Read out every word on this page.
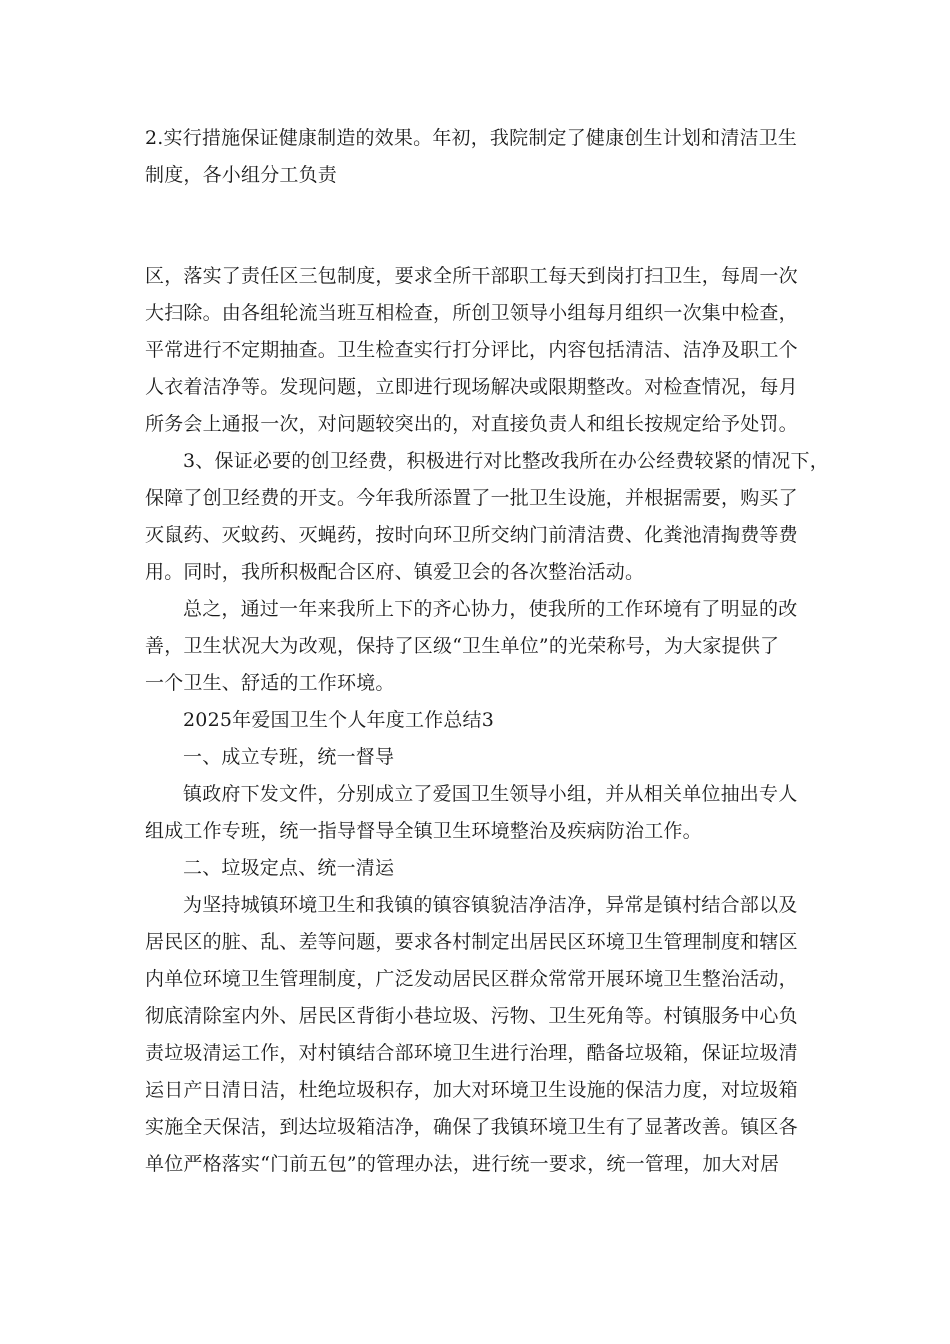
2.实行措施保证健康制造的效果。年初，我院制定了健康创生计划和清洁卫生
制度，各小组分工负责
区，落实了责任区三包制度，要求全所干部职工每天到岗打扫卫生，每周一次
大扫除。由各组轮流当班互相检查，所创卫领导小组每月组织一次集中检查，
平常进行不定期抽查。卫生检查实行打分评比，内容包括清洁、洁净及职工个
人衣着洁净等。发现问题，立即进行现场解决或限期整改。对检查情况，每月
所务会上通报一次，对问题较突出的，对直接负责人和组长按规定给予处罚。
3、保证必要的创卫经费，积极进行对比整改我所在办公经费较紧的情况下，
保障了创卫经费的开支。今年我所添置了一批卫生设施，并根据需要，购买了
灭鼠药、灭蚊药、灭蝇药，按时向环卫所交纳门前清洁费、化粪池清掏费等费
用。同时，我所积极配合区府、镇爱卫会的各次整治活动。
总之，通过一年来我所上下的齐心协力，使我所的工作环境有了明显的改
善，卫生状况大为改观，保持了区级“卫生单位”的光荣称号，为大家提供了
一个卫生、舒适的工作环境。
2025年爱国卫生个人年度工作总结3
一、成立专班，统一督导
镇政府下发文件，分别成立了爱国卫生领导小组，并从相关单位抽出专人
组成工作专班，统一指导督导全镇卫生环境整治及疾病防治工作。
二、垃圾定点、统一清运
为坚持城镇环境卫生和我镇的镇容镇貌洁净洁净，异常是镇村结合部以及
居民区的脏、乱、差等问题，要求各村制定出居民区环境卫生管理制度和辖区
内单位环境卫生管理制度，广泛发动居民区群众常常开展环境卫生整治活动，
彻底清除室内外、居民区背街小巷垃圾、污物、卫生死角等。村镇服务中心负
责垃圾清运工作，对村镇结合部环境卫生进行治理，酷备垃圾箱，保证垃圾清
运日产日清日洁，杜绝垃圾积存，加大对环境卫生设施的保洁力度，对垃圾箱
实施全天保洁，到达垃圾箱洁净，确保了我镇环境卫生有了显著改善。镇区各
单位严格落实“门前五包”的管理办法，进行统一要求，统一管理，加大对居
